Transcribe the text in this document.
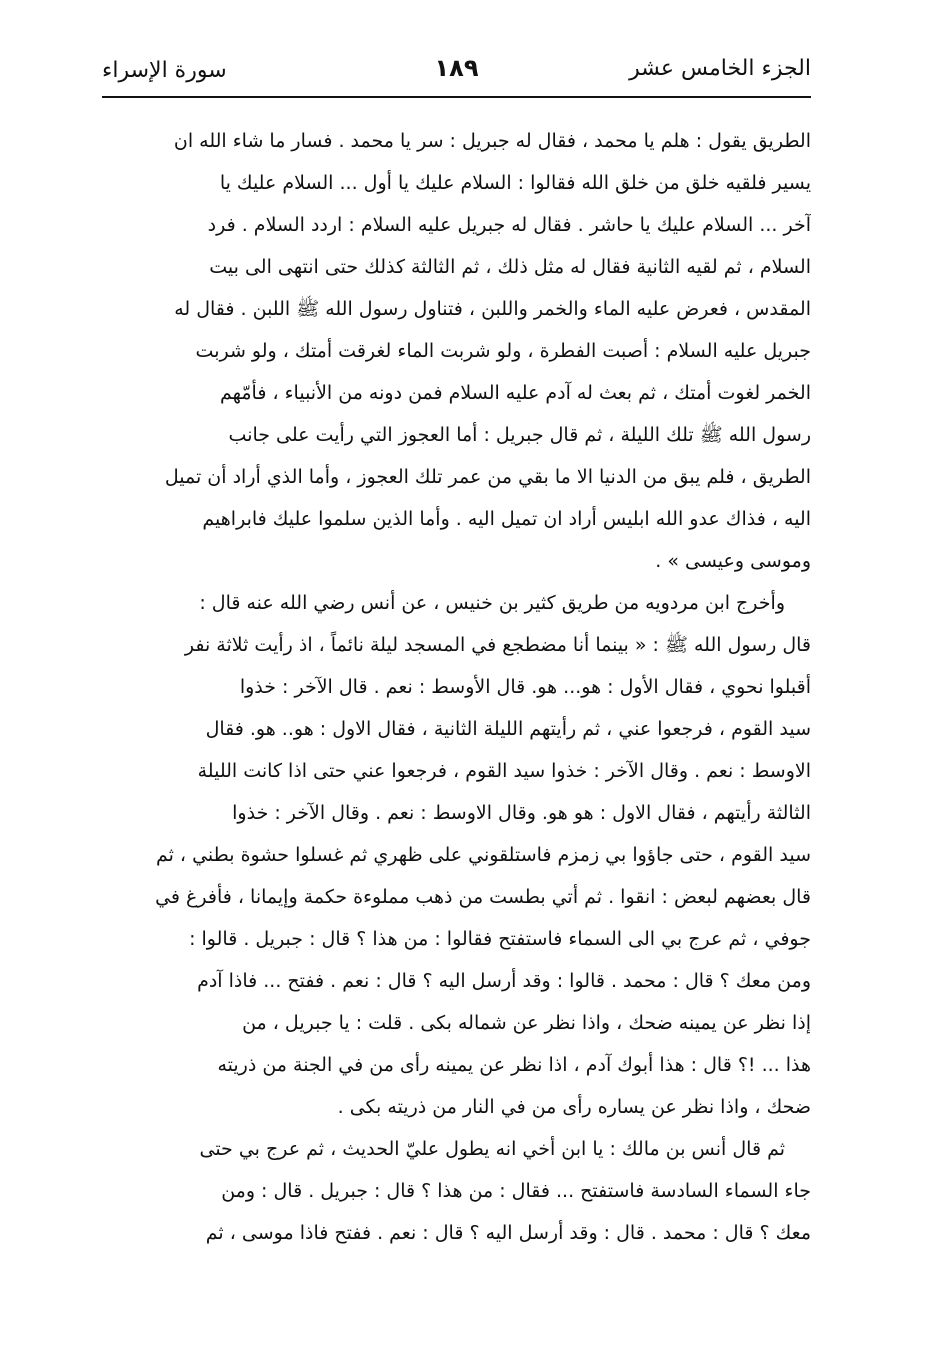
الجزء الخامس عشر
١٨٩
سورة الإسراء
الطريق يقول : هلم يا محمد ، فقال له جبريل : سر يا محمد . فسار ما شاء الله ان
يسير فلقيه خلق من خلق الله فقالوا : السلام عليك يا أول ... السلام عليك يا
آخر ... السلام عليك يا حاشر . فقال له جبريل عليه السلام : اردد السلام . فرد
السلام ، ثم لقيه الثانية فقال له مثل ذلك ، ثم الثالثة كذلك حتى انتهى الى بيت
المقدس ، فعرض عليه الماء والخمر واللبن ، فتناول رسول الله ﷺ اللبن . فقال له
جبريل عليه السلام : أصبت الفطرة ، ولو شربت الماء لغرقت أمتك ، ولو شربت
الخمر لغوت أمتك ، ثم بعث له آدم عليه السلام فمن دونه من الأنبياء ، فأمّهم
رسول الله ﷺ تلك الليلة ، ثم قال جبريل : أما العجوز التي رأيت على جانب
الطريق ، فلم يبق من الدنيا الا ما بقي من عمر تلك العجوز ، وأما الذي أراد أن تميل
اليه ، فذاك عدو الله ابليس أراد ان تميل اليه . وأما الذين سلموا عليك فابراهيم
وموسى وعيسى » .
وأخرج ابن مردويه من طريق كثير بن خنيس ، عن أنس رضي الله عنه قال :
قال رسول الله ﷺ : « بينما أنا مضطجع في المسجد ليلة نائماً ، اذ رأيت ثلاثة نفر
أقبلوا نحوي ، فقال الأول : هو... هو. قال الأوسط : نعم . قال الآخر : خذوا
سيد القوم ، فرجعوا عني ، ثم رأيتهم الليلة الثانية ، فقال الاول : هو.. هو. فقال
الاوسط : نعم . وقال الآخر : خذوا سيد القوم ، فرجعوا عني حتى اذا كانت الليلة
الثالثة رأيتهم ، فقال الاول : هو هو. وقال الاوسط : نعم . وقال الآخر : خذوا
سيد القوم ، حتى جاؤوا بي زمزم فاستلقوني على ظهري ثم غسلوا حشوة بطني ، ثم
قال بعضهم لبعض : انقوا . ثم أتي بطست من ذهب مملوءة حكمة وإيمانا ، فأفرغ في
جوفي ، ثم عرج بي الى السماء فاستفتح فقالوا : من هذا ؟ قال : جبريل . قالوا :
ومن معك ؟ قال : محمد . قالوا : وقد أرسل اليه ؟ قال : نعم . ففتح ... فاذا آدم
إذا نظر عن يمينه ضحك ، واذا نظر عن شماله بكى . قلت : يا جبريل ، من
هذا ... !؟ قال : هذا أبوك آدم ، اذا نظر عن يمينه رأى من في الجنة من ذريته
ضحك ، واذا نظر عن يساره رأى من في النار من ذريته بكى .
ثم قال أنس بن مالك : يا ابن أخي انه يطول عليّ الحديث ، ثم عرج بي حتى
جاء السماء السادسة فاستفتح ... فقال : من هذا ؟ قال : جبريل . قال : ومن
معك ؟ قال : محمد . قال : وقد أرسل اليه ؟ قال : نعم . ففتح فاذا موسى ، ثم
